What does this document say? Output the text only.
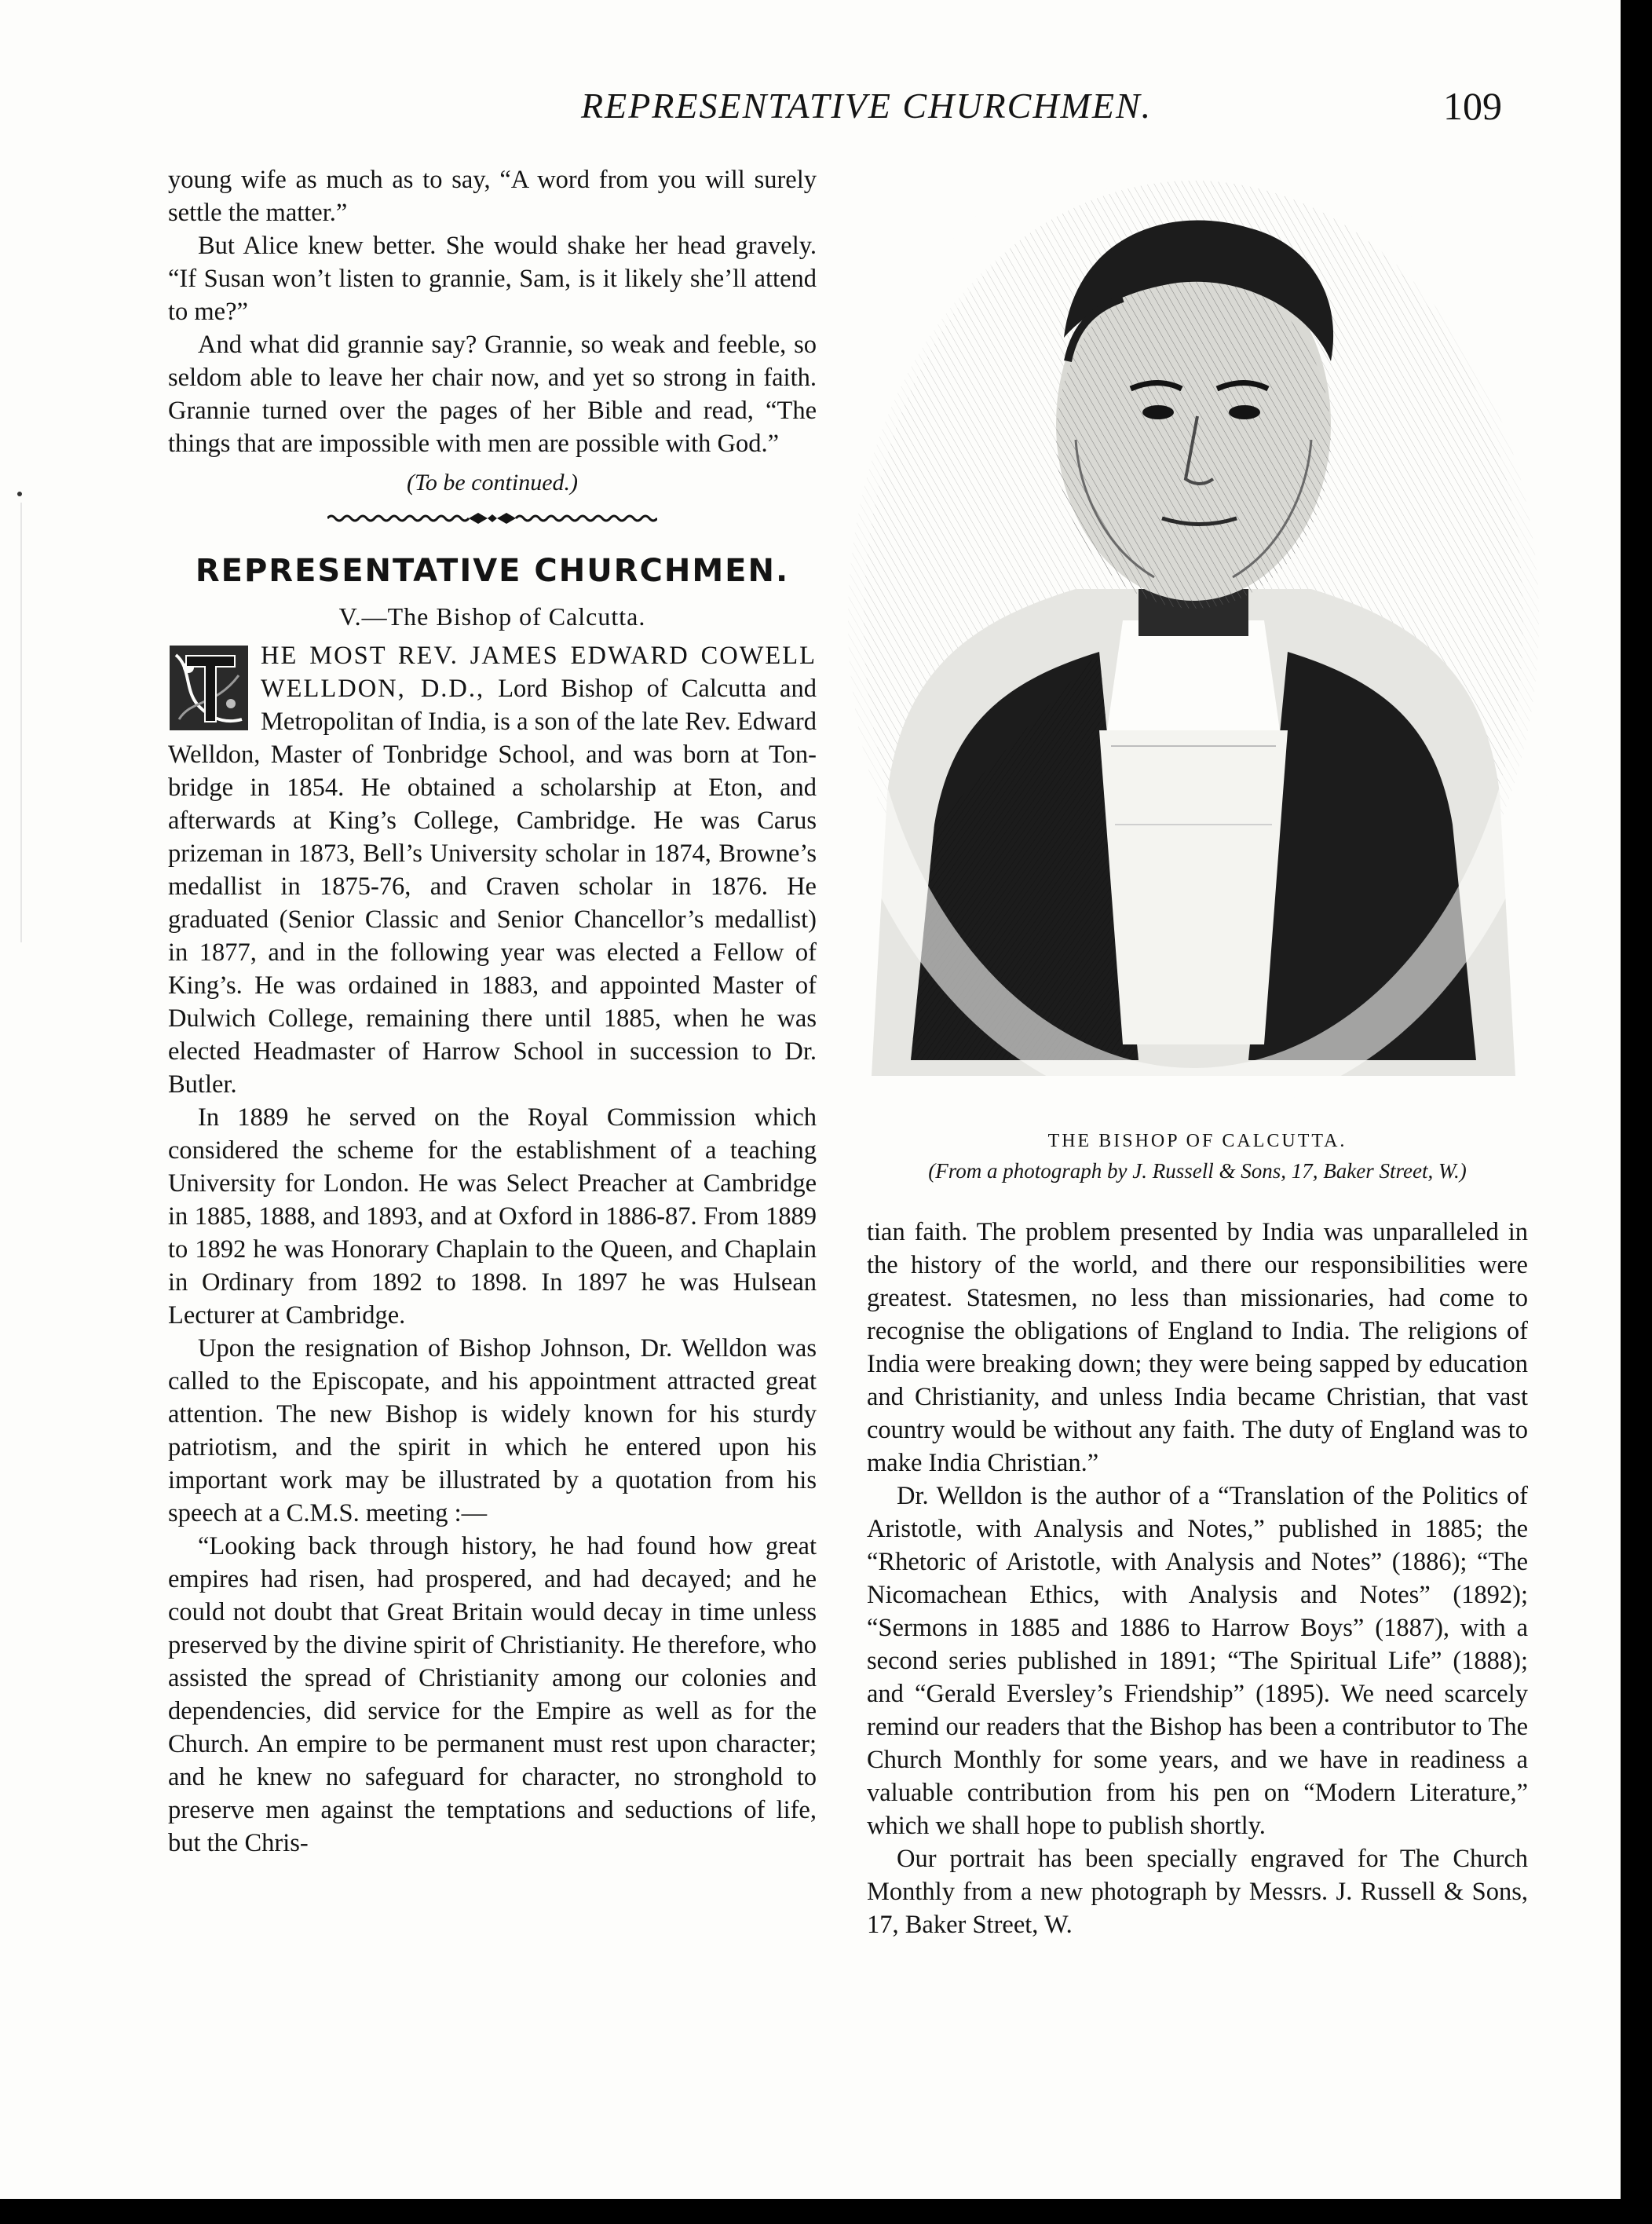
REPRESENTATIVE CHURCHMEN.	109

young wife as much as to say, “A word from you will surely settle the matter.”

But Alice knew better. She would shake her head gravely. “If Susan won’t listen to grannie, Sam, is it likely she’ll attend to me?”

And what did grannie say? Grannie, so weak and feeble, so seldom able to leave her chair now, and yet so strong in faith. Grannie turned over the pages of her Bible and read, “The things that are impossible with men are possible with God.”

(To be continued.)
REPRESENTATIVE CHURCHMEN.
V.—The Bishop of Calcutta.

HE MOST REV. JAMES EDWARD COWELL WELLDON, D.D., Lord Bishop of Calcutta and Metropolitan of India, is a son of the late Rev. Edward Welldon, Master of Tonbridge School, and was born at Tonbridge in 1854. He obtained a scholarship at Eton, and afterwards at King’s College, Cambridge. He was Carus prizeman in 1873, Bell’s University scholar in 1874, Browne’s medallist in 1875-76, and Craven scholar in 1876. He graduated (Senior Classic and Senior Chancellor’s medallist) in 1877, and in the following year was elected a Fellow of King’s. He was ordained in 1883, and appointed Master of Dulwich College, remaining there until 1885, when he was elected Headmaster of Harrow School in succession to Dr. Butler.

In 1889 he served on the Royal Commission which considered the scheme for the establishment of a teaching University for London. He was Select Preacher at Cambridge in 1885, 1888, and 1893, and at Oxford in 1886-87. From 1889 to 1892 he was Honorary Chaplain to the Queen, and Chaplain in Ordinary from 1892 to 1898. In 1897 he was Hulsean Lecturer at Cambridge.

Upon the resignation of Bishop Johnson, Dr. Welldon was called to the Episcopate, and his appointment attracted great attention. The new Bishop is widely known for his sturdy patriotism, and the spirit in which he entered upon his important work may be illustrated by a quotation from his speech at a C.M.S. meeting :—

“Looking back through history, he had found how great empires had risen, had prospered, and had decayed; and he could not doubt that Great Britain would decay in time unless preserved by the divine spirit of Christianity. He therefore, who assisted the spread of Christianity among our colonies and dependencies, did service for the Empire as well as for the Church. An empire to be permanent must rest upon character; and he knew no safeguard for character, no stronghold to preserve men against the temptations and seductions of life, but the Chris-

THE BISHOP OF CALCUTTA.
(From a photograph by J. Russell & Sons, 17, Baker Street, W.)

tian faith. The problem presented by India was unparalleled in the history of the world, and there our responsibilities were greatest. Statesmen, no less than missionaries, had come to recognise the obligations of England to India. The religions of India were breaking down; they were being sapped by education and Christianity, and unless India became Christian, that vast country would be without any faith. The duty of England was to make India Christian.”

Dr. Welldon is the author of a “Translation of the Politics of Aristotle, with Analysis and Notes,” published in 1885; the “Rhetoric of Aristotle, with Analysis and Notes” (1886); “The Nicomachean Ethics, with Analysis and Notes” (1892); “Sermons in 1885 and 1886 to Harrow Boys” (1887), with a second series published in 1891; “The Spiritual Life” (1888); and “Gerald Eversley’s Friendship” (1895). We need scarcely remind our readers that the Bishop has been a contributor to The Church Monthly for some years, and we have in readiness a valuable contribution from his pen on “Modern Literature,” which we shall hope to publish shortly.

Our portrait has been specially engraved for The Church Monthly from a new photograph by Messrs. J. Russell & Sons, 17, Baker Street, W.
